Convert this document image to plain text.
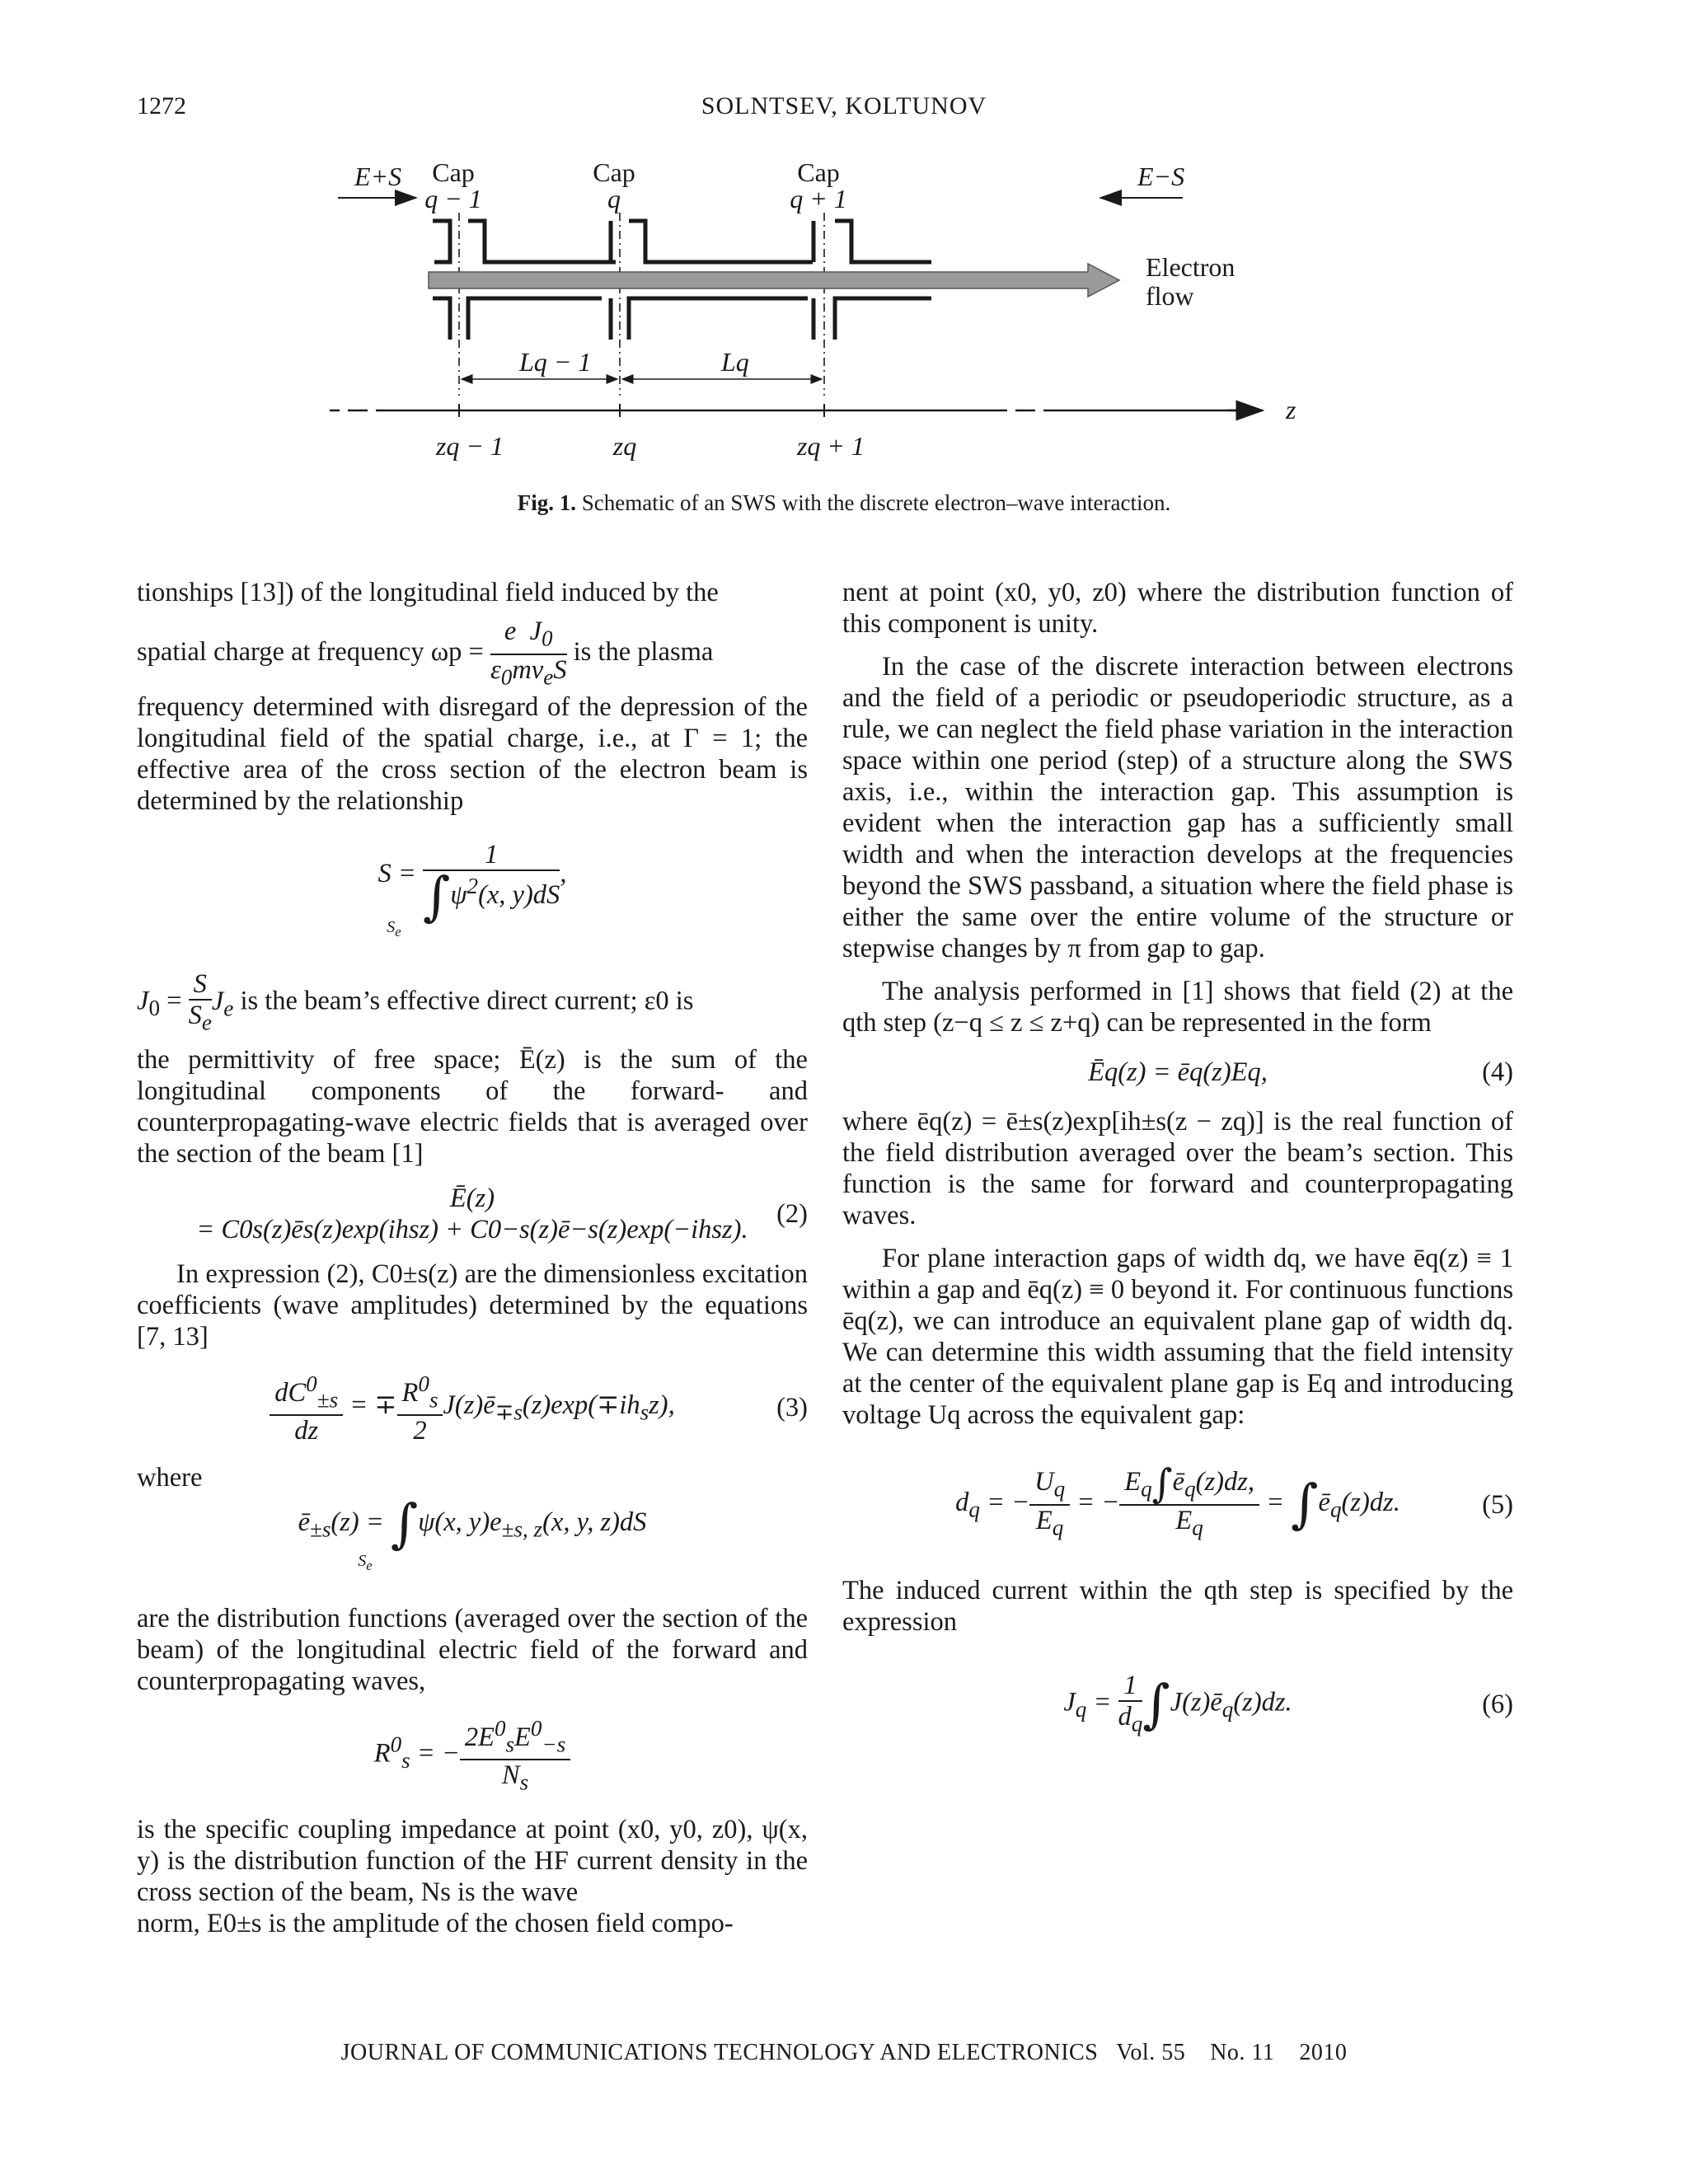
1272	SOLNTSEV, KOLTUNOV
E+S	E−S
Cap
q − 1
Cap
q
Cap
q + 1
Electron
flow
Lq − 1	Lq
z
zq − 1	zq	zq + 1
Fig. 1. Schematic of an SWS with the discrete electron–wave interaction.

tionships [13]) of the longitudinal field induced by the

spatial charge at frequency $\omega p = \frac{e J_0}{\varepsilon_0mv_eS}$ is the plasma

frequency determined with disregard of the depression of the longitudinal field of the spatial charge, i.e., at Γ = 1; the effective area of the cross section of the electron beam is determined by the relationship

$S = \frac{1}{\int\psi^2(x, y)dS}$ ,
$S_e$

$J_0 = \frac{S}{S_e} J_e$ is the beam’s effective direct current; ε0 is

the permittivity of free space; Ē(z) is the sum of the longitudinal components of the forward- and counterpropagating-wave electric fields that is averaged over the section of the beam [1]

Ē(z)
= C0s(z)ēs(z)exp(ihsz) + C0−s(z)ē−s(z)exp(−ihsz).
(2)

In expression (2), C0±s(z) are the dimensionless excitation coefficients (wave amplitudes) determined by the equations [7, 13]

$\frac{dC^0_{\pm s}}{dz}$ = ∓ $\frac{R^0_s}{2}$ $J(z)ē_{\mp s}(z)\exp(\mp ih_sz)$,	(3)

where

$ē_{\pm s}(z) = \int\psi(x$, $y)e_{\pm s, z}(x$, y, z)dS
$S_e$

are the distribution functions (averaged over the section of the beam) of the longitudinal electric field of the forward and counterpropagating waves,

$R^0_s$ = − $\frac{2E^0_sE^0_{-s}}{N_s}$

is the specific coupling impedance at point (x0, y0, z0), ψ(x, y) is the distribution function of the HF current density in the cross section of the beam, Ns is the wave

norm, E0±s is the amplitude of the chosen field compo-

nent at point (x0, y0, z0) where the distribution function of this component is unity.

In the case of the discrete interaction between electrons and the field of a periodic or pseudoperiodic structure, as a rule, we can neglect the field phase variation in the interaction space within one period (step) of a structure along the SWS axis, i.e., within the interaction gap. This assumption is evident when the interaction gap has a sufficiently small width and when the interaction develops at the frequencies beyond the SWS passband, a situation where the field phase is either the same over the entire volume of the structure or stepwise changes by π from gap to gap.

The analysis performed in [1] shows that field (2) at the qth step (z−q ≤ z ≤ z+q) can be represented in the form

Ēq(z) = ēq(z)Eq,	(4)

where ēq(z) = ē±s(z)exp[ih±s(z − zq)] is the real function of the field distribution averaged over the beam’s section. This function is the same for forward and counterpropagating waves.

For plane interaction gaps of width dq, we have ēq(z) ≡ 1 within a gap and ēq(z) ≡ 0 beyond it. For continuous functions ēq(z), we can introduce an equivalent plane gap of width dq. We can determine this width assuming that the field intensity at the center of the equivalent plane gap is Eq and introducing voltage Uq across the equivalent gap:

$d_q$ = − $\frac{U_q}{E_q}$ = − $\frac{E_q\int ē_q(z)dz,}{E_q}$ = $\int ē_q(z)dz$.	(5)

The induced current within the qth step is specified by the expression

$J_q = \frac{1}{d_q}$ $\int J(z)ē_q(z)dz$.	(6)
JOURNAL OF COMMUNICATIONS TECHNOLOGY AND ELECTRONICS Vol. 55 No. 11 2010
